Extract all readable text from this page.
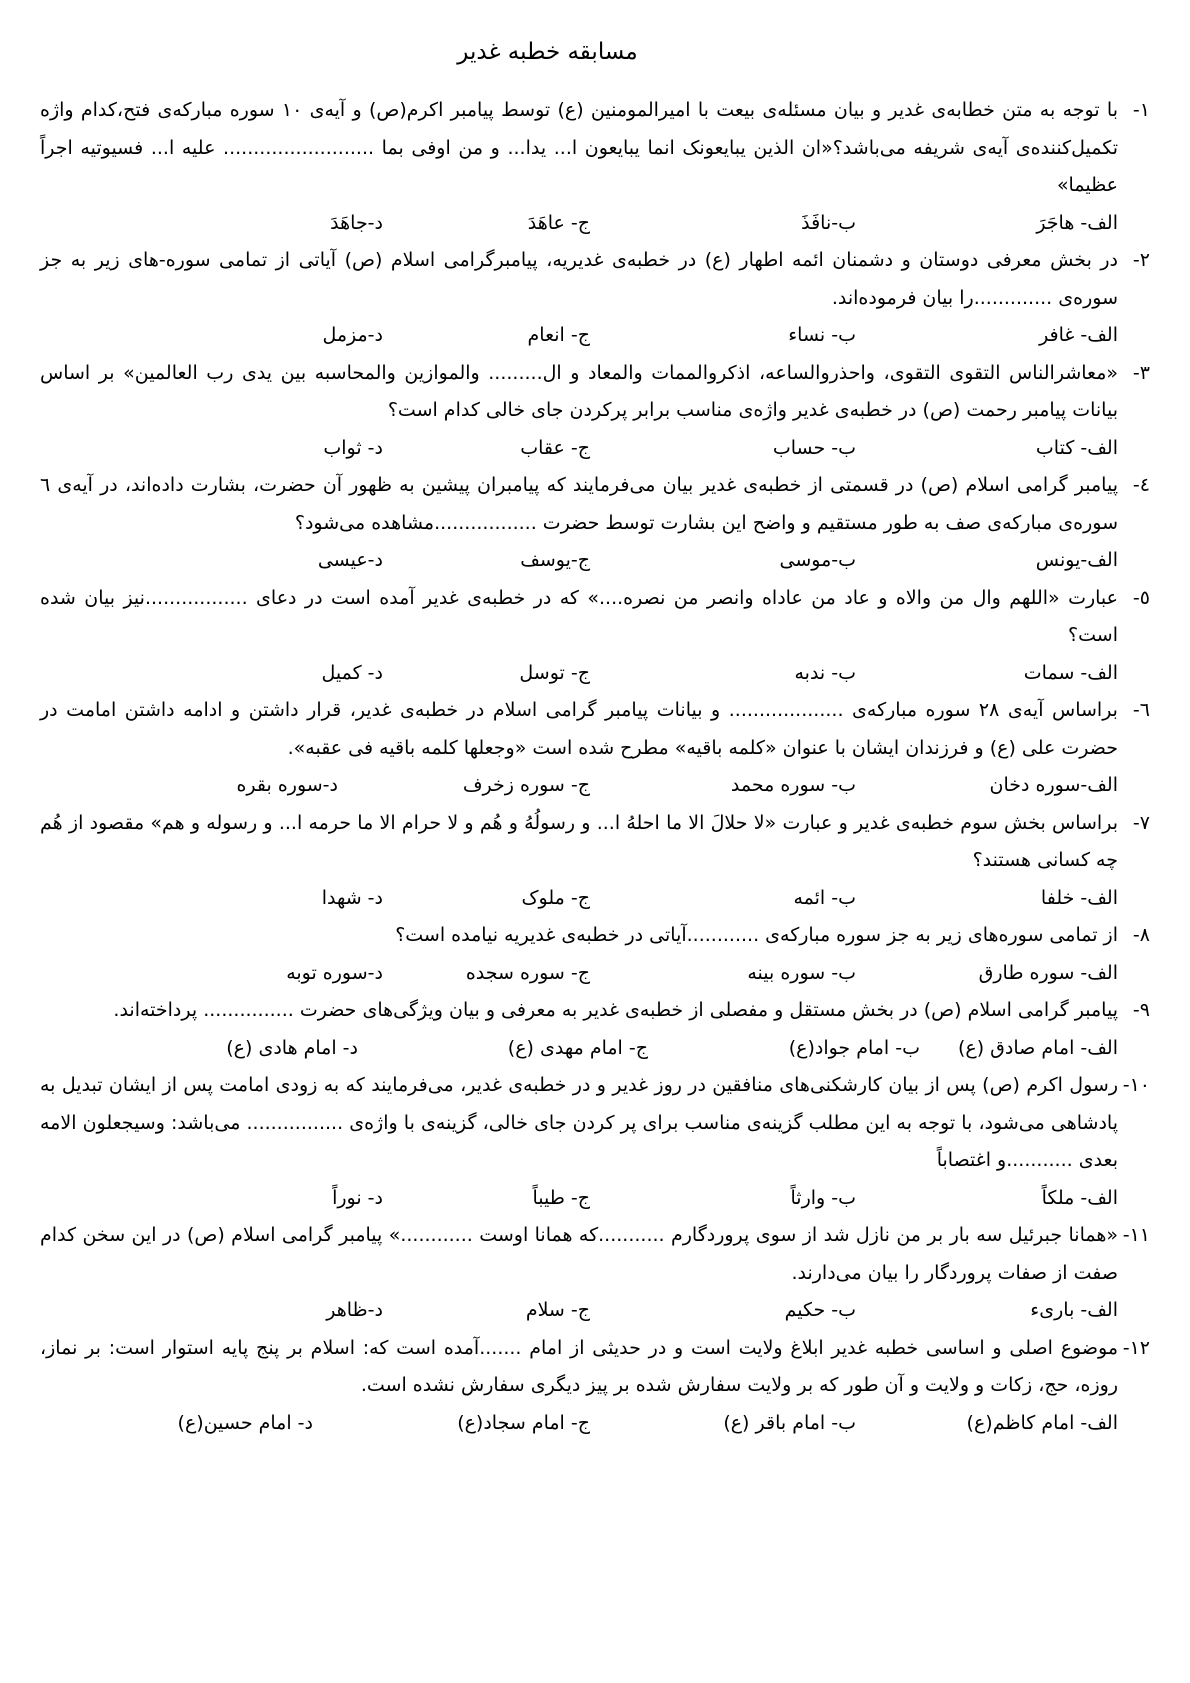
مسابقه خطبه غدیر

۱-با توجه به متن خطابه‌ی غدیر و بیان مسئله‌ی بیعت با امیرالمومنین (ع) توسط پیامبر اکرم(ص) و آیه‌ی ۱۰ سوره مبارکه‌ی فتح،کدام واژه تکمیل‌کننده‌ی آیه‌ی شریفه می‌باشد؟«ان الذین یبایعونک انما یبایعون ا... یدا... و من اوفی بما ......................... علیه ا... فسیوتیه اجراً عظیما»

الف- هاجَرَ
ب-نافَذَ
ج- عاهَدَ
د-جاهَدَ

۲-در بخش معرفی دوستان و دشمنان ائمه اطهار (ع) در خطبه‌ی غدیریه، پیامبرگرامی اسلام (ص) آیاتی از تمامی سوره-های زیر به جز سوره‌ی .............را بیان فرموده‌اند.

الف- غافر
ب- نساء
ج- انعام
د-مزمل

۳-«معاشرالناس التقوی التقوی، واحذروالساعه، اذکروالممات والمعاد و ال......... والموازین والمحاسبه بین یدی رب العالمین» بر اساس بیانات پیامبر رحمت (ص) در خطبه‌ی غدیر واژه‌ی مناسب برابر پرکردن جای خالی کدام است؟

الف- کتاب
ب- حساب
ج- عقاب
د- ثواب

٤-پیامبر گرامی اسلام (ص) در قسمتی از خطبه‌ی غدیر بیان می‌فرمایند که پیامبران پیشین به ظهور آن حضرت، بشارت داده‌اند، در آیه‌ی ٦ سوره‌ی مبارکه‌ی صف به طور مستقیم و واضح این بشارت توسط حضرت .................مشاهده می‌شود؟

الف-یونس
ب-موسی
ج-یوسف
د-عیسی

٥-عبارت «اللهم وال من والاه و عاد من عاداه وانصر من نصره....» که در خطبه‌ی غدیر آمده است در دعای .................نیز بیان شده است؟

الف- سمات
ب- ندبه
ج- توسل
د- کمیل

٦-براساس آیه‌ی ۲۸ سوره مبارکه‌ی ................... و بیانات پیامبر گرامی اسلام در خطبه‌ی غدیر، قرار داشتن و ادامه داشتن امامت در حضرت علی (ع) و فرزندان ایشان با عنوان «کلمه باقیه» مطرح شده است «وجعلها کلمه باقیه فی عقبه».

الف-سوره دخان
ب- سوره محمد
ج- سوره زخرف
د-سوره بقره

۷-براساس بخش سوم خطبه‌ی غدیر و عبارت «لا حلالَ الا ما احلهُ ا... و رسولُهُ و هُم و لا حرام الا ما حرمه ا... و رسوله و هم» مقصود از هُم چه کسانی هستند؟

الف- خلفا
ب- ائمه
ج- ملوک
د- شهدا

۸-از تمامی سوره‌های زیر به جز سوره مبارکه‌ی ............آیاتی در خطبه‌ی غدیریه نیامده است؟

الف- سوره طارق
ب- سوره بینه
ج- سوره سجده
د-سوره توبه

۹-پیامبر گرامی اسلام (ص) در بخش مستقل و مفصلی از خطبه‌ی غدیر به معرفی و بیان ویژگی‌های حضرت ............... پرداخته‌اند.

الف- امام صادق (ع)
ب- امام جواد(ع)
ج- امام مهدی (ع)
د- امام هادی (ع)

۱۰-رسول اکرم (ص) پس از بیان کارشکنی‌های منافقین در روز غدیر و در خطبه‌ی غدیر، می‌فرمایند که به زودی امامت پس از ایشان تبدیل به پادشاهی می‌شود، با توجه به این مطلب گزینه‌ی مناسب برای پر کردن جای خالی، گزینه‌ی با واژه‌ی ................ می‌باشد: وسیجعلون الامه بعدی ...........و اغتصاباً

الف- ملکاً
ب- وارثاً
ج- طیباً
د- نوراً

۱۱-«همانا جبرئیل سه بار بر من نازل شد از سوی پروردگارم ...........که همانا اوست ............» پیامبر گرامی اسلام (ص) در این سخن کدام صفت از صفات پروردگار را بیان می‌دارند.

الف- باریء
ب- حکیم
ج- سلام
د-ظاهر

۱۲-موضوع اصلی و اساسی خطبه غدیر ابلاغ ولایت است و در حدیثی از امام .......آمده است که: اسلام بر پنج پایه استوار است: بر نماز، روزه، حج، زکات و ولایت و آن طور که بر ولایت سفارش شده بر پیز دیگری سفارش نشده است.

الف- امام کاظم(ع)
ب- امام باقر (ع)
ج- امام سجاد(ع)
د- امام حسین(ع)
